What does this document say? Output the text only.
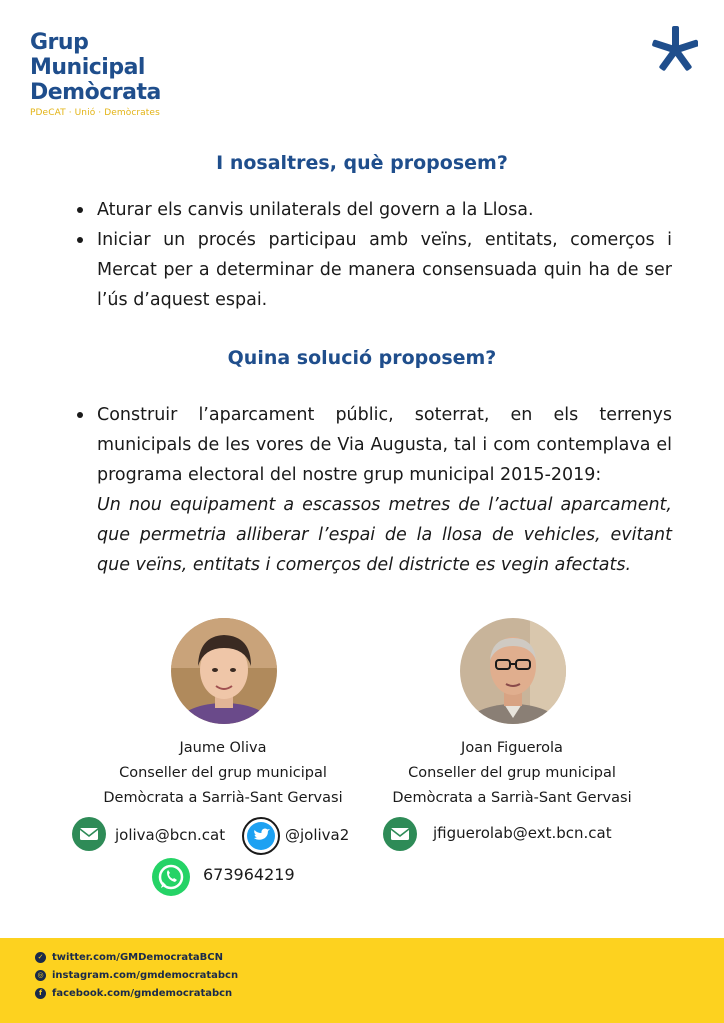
Grup
Municipal
Demòcrata
PDeCAT · Unió · Demòcrates
I nosaltres, què proposem?
Aturar els canvis unilaterals del govern a la Llosa.
Iniciar un procés participau amb veïns, entitats, comerços i Mercat per a determinar de manera consensuada quin ha de ser l’ús d’aquest espai.
Quina solució proposem?
Construir l’aparcament públic, soterrat, en els terrenys municipals de les vores de Via Augusta, tal i com contemplava el programa electoral del nostre grup municipal 2015-2019:
Un nou equipament a escassos metres de l’actual aparcament, que permetria alliberar l’espai de la llosa de vehicles, evitant que veïns, entitats i comerços del districte es vegin afectats.
Jaume Oliva
Conseller del grup municipal
Demòcrata a Sarrià-Sant Gervasi
Joan Figuerola
Conseller del grup municipal
Demòcrata a Sarrià-Sant Gervasi
joliva@bcn.cat	@joliva2
673964219
jfiguerolab@ext.bcn.cat
✓ twitter.com/GMDemocrataBCN
◎ instagram.com/gmdemocratabcn
f facebook.com/gmdemocratabcn
